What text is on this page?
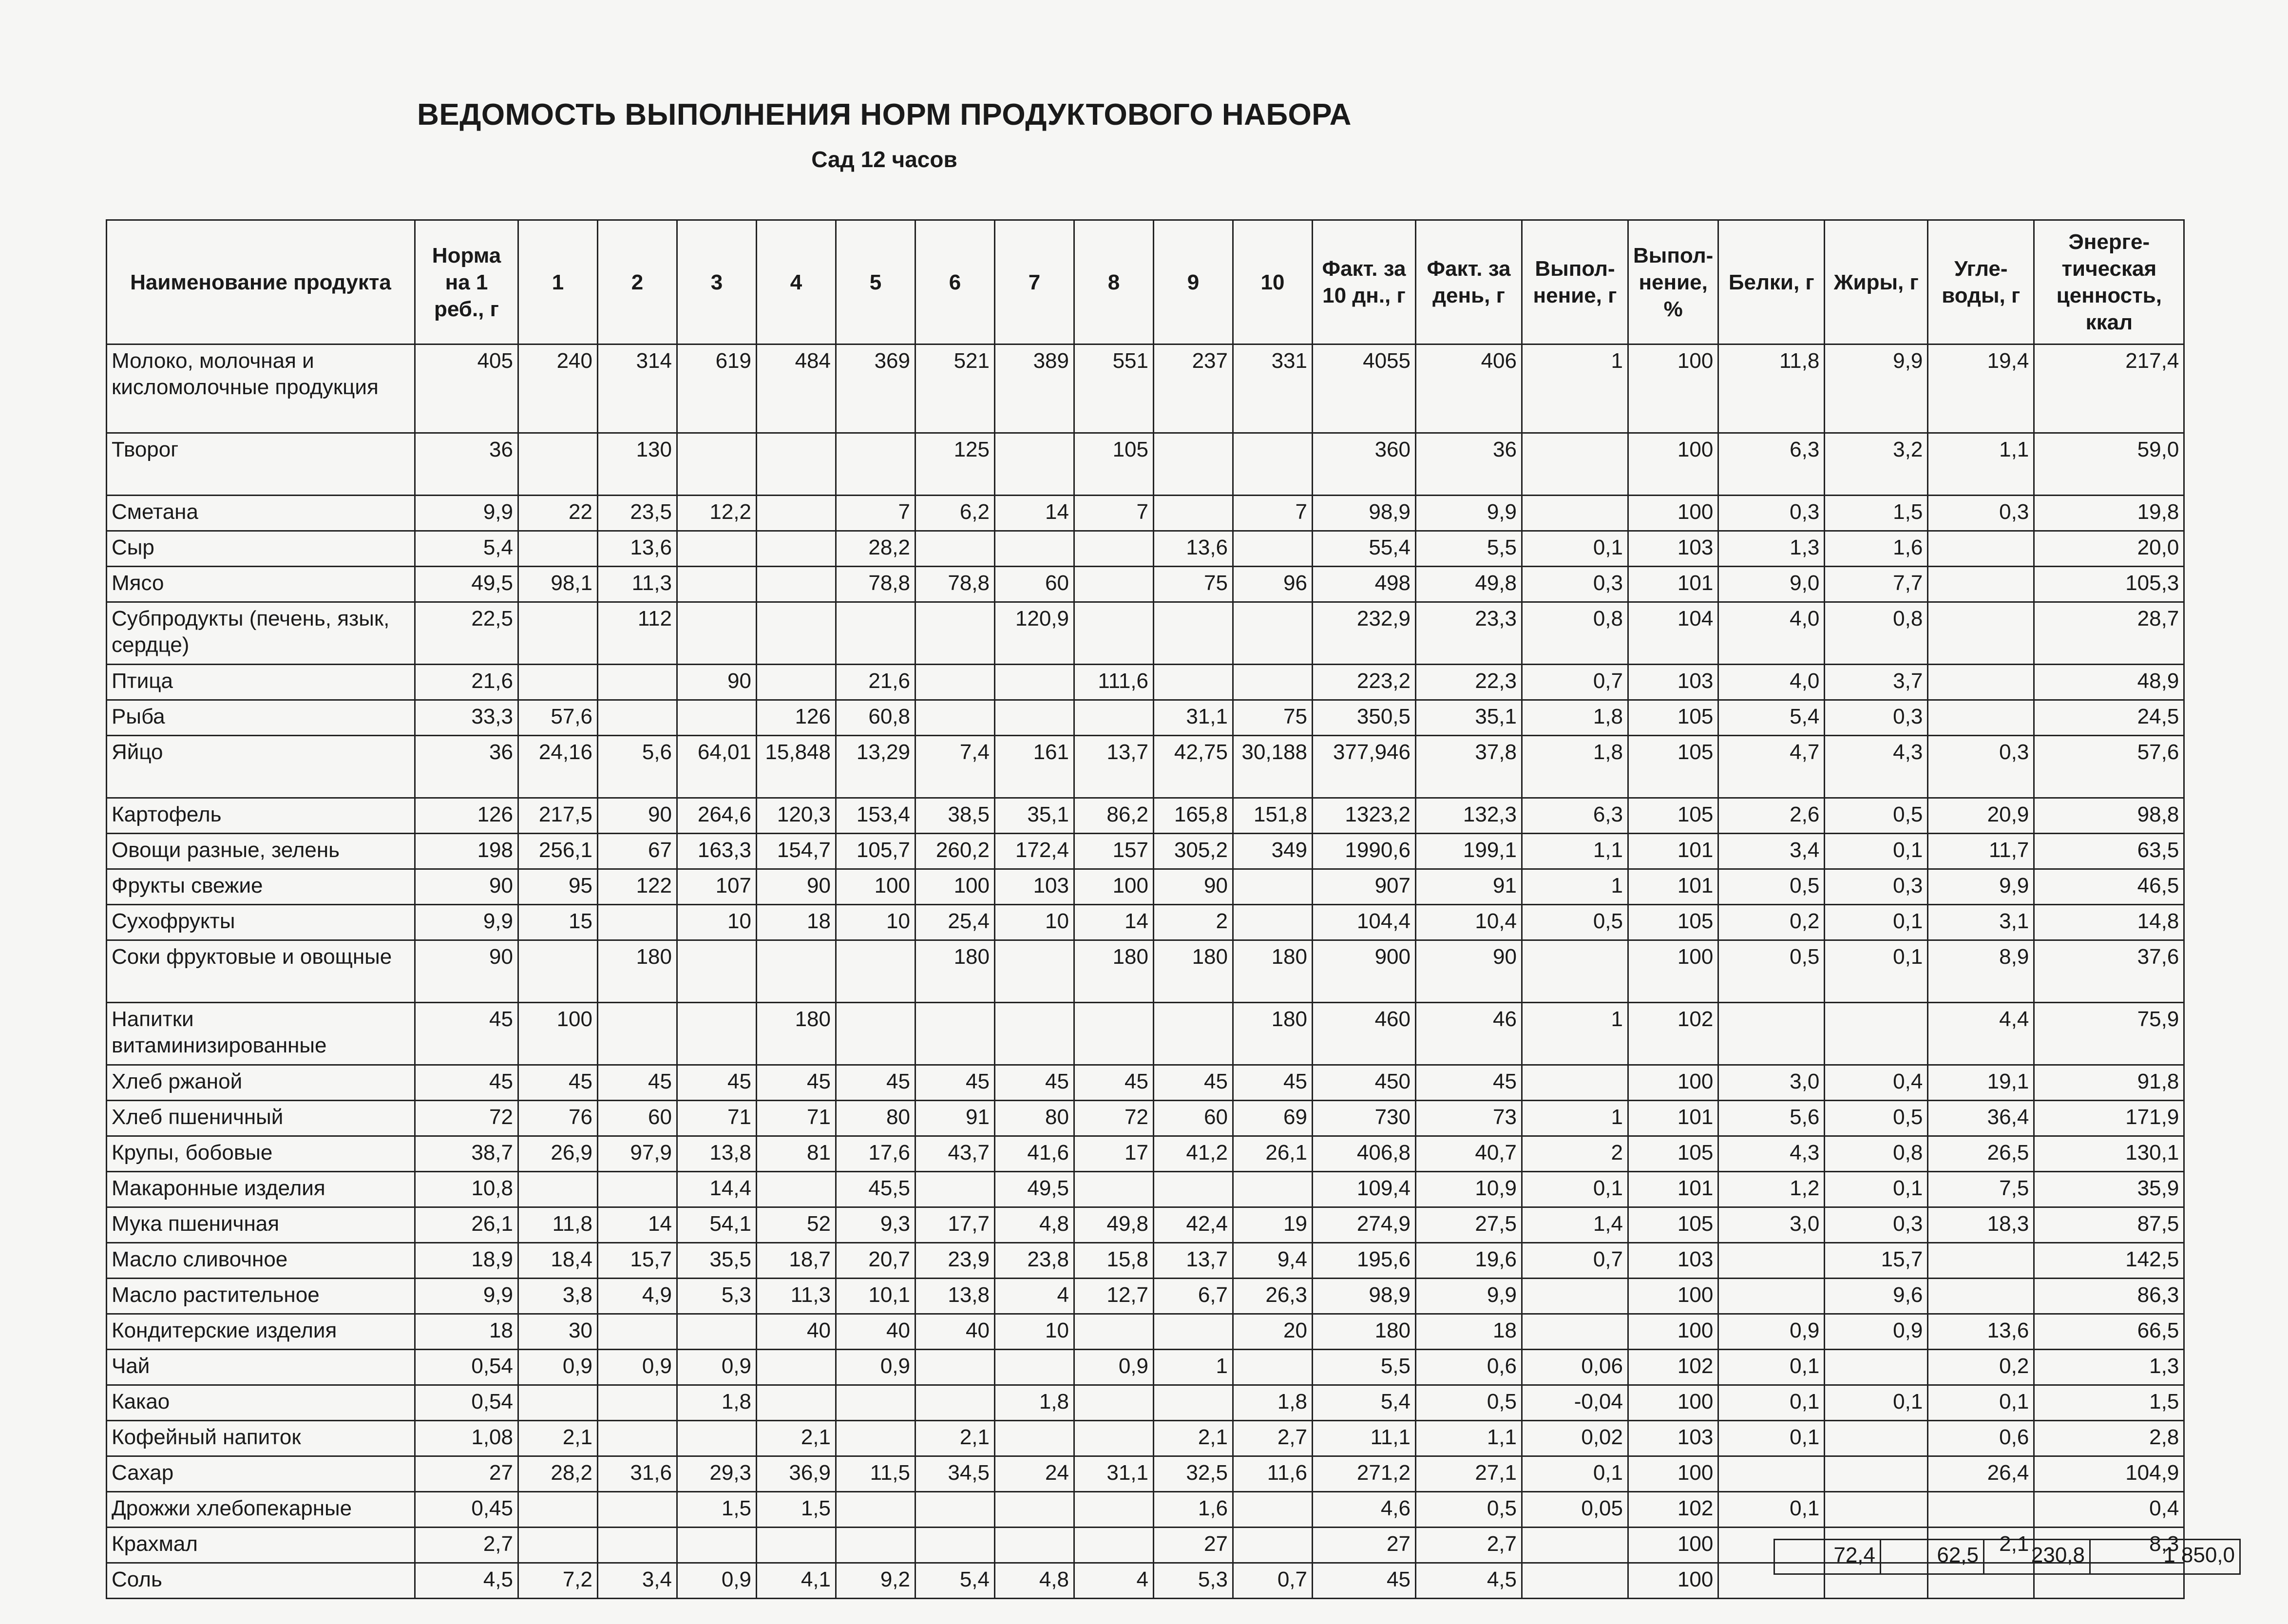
ВЕДОМОСТЬ ВЫПОЛНЕНИЯ НОРМ ПРОДУКТОВОГО НАБОРА
Сад 12 часов
Наименование продукта	Норма на 1 реб., г	1	2	3	4	5	6	7	8	9	10	Факт. за 10 дн., г	Факт. за день, г	Выпол-нение, г	Выпол-нение, %	Белки, г	Жиры, г	Угле-воды, г	Энерге-тическая ценность, ккал
Молоко, молочная и кисломолочные продукция	405	240	314	619	484	369	521	389	551	237	331	4055	406	1	100	11,8	9,9	19,4	217,4
Творог	36		130				125		105			360	36		100	6,3	3,2	1,1	59,0
Сметана	9,9	22	23,5	12,2		7	6,2	14	7		7	98,9	9,9		100	0,3	1,5	0,3	19,8
Сыр	5,4		13,6			28,2				13,6		55,4	5,5	0,1	103	1,3	1,6		20,0
Мясо	49,5	98,1	11,3			78,8	78,8	60		75	96	498	49,8	0,3	101	9,0	7,7		105,3
Субпродукты (печень, язык, сердце)	22,5		112					120,9				232,9	23,3	0,8	104	4,0	0,8		28,7
Птица	21,6			90		21,6			111,6			223,2	22,3	0,7	103	4,0	3,7		48,9
Рыба	33,3	57,6			126	60,8				31,1	75	350,5	35,1	1,8	105	5,4	0,3		24,5
Яйцо	36	24,16	5,6	64,01	15,848	13,29	7,4	161	13,7	42,75	30,188	377,946	37,8	1,8	105	4,7	4,3	0,3	57,6
Картофель	126	217,5	90	264,6	120,3	153,4	38,5	35,1	86,2	165,8	151,8	1323,2	132,3	6,3	105	2,6	0,5	20,9	98,8
Овощи разные, зелень	198	256,1	67	163,3	154,7	105,7	260,2	172,4	157	305,2	349	1990,6	199,1	1,1	101	3,4	0,1	11,7	63,5
Фрукты свежие	90	95	122	107	90	100	100	103	100	90		907	91	1	101	0,5	0,3	9,9	46,5
Сухофрукты	9,9	15		10	18	10	25,4	10	14	2		104,4	10,4	0,5	105	0,2	0,1	3,1	14,8
Соки фруктовые и овощные	90		180				180		180	180	180	900	90		100	0,5	0,1	8,9	37,6
Напитки витаминизированные	45	100			180						180	460	46	1	102			4,4	75,9
Хлеб ржаной	45	45	45	45	45	45	45	45	45	45	45	450	45		100	3,0	0,4	19,1	91,8
Хлеб пшеничный	72	76	60	71	71	80	91	80	72	60	69	730	73	1	101	5,6	0,5	36,4	171,9
Крупы, бобовые	38,7	26,9	97,9	13,8	81	17,6	43,7	41,6	17	41,2	26,1	406,8	40,7	2	105	4,3	0,8	26,5	130,1
Макаронные изделия	10,8			14,4		45,5		49,5				109,4	10,9	0,1	101	1,2	0,1	7,5	35,9
Мука пшеничная	26,1	11,8	14	54,1	52	9,3	17,7	4,8	49,8	42,4	19	274,9	27,5	1,4	105	3,0	0,3	18,3	87,5
Масло сливочное	18,9	18,4	15,7	35,5	18,7	20,7	23,9	23,8	15,8	13,7	9,4	195,6	19,6	0,7	103		15,7		142,5
Масло растительное	9,9	3,8	4,9	5,3	11,3	10,1	13,8	4	12,7	6,7	26,3	98,9	9,9		100		9,6		86,3
Кондитерские изделия	18	30			40	40	40	10			20	180	18		100	0,9	0,9	13,6	66,5
Чай	0,54	0,9	0,9	0,9		0,9			0,9	1		5,5	0,6	0,06	102	0,1		0,2	1,3
Какао	0,54			1,8				1,8			1,8	5,4	0,5	-0,04	100	0,1	0,1	0,1	1,5
Кофейный напиток	1,08	2,1			2,1		2,1			2,1	2,7	11,1	1,1	0,02	103	0,1		0,6	2,8
Сахар	27	28,2	31,6	29,3	36,9	11,5	34,5	24	31,1	32,5	11,6	271,2	27,1	0,1	100			26,4	104,9
Дрожжи хлебопекарные	0,45			1,5	1,5					1,6		4,6	0,5	0,05	102	0,1			0,4
Крахмал	2,7									27		27	2,7		100			2,1	8,3
Соль	4,5	7,2	3,4	0,9	4,1	9,2	5,4	4,8	4	5,3	0,7	45	4,5		100				
72,4	62,5	230,8	1 850,0
